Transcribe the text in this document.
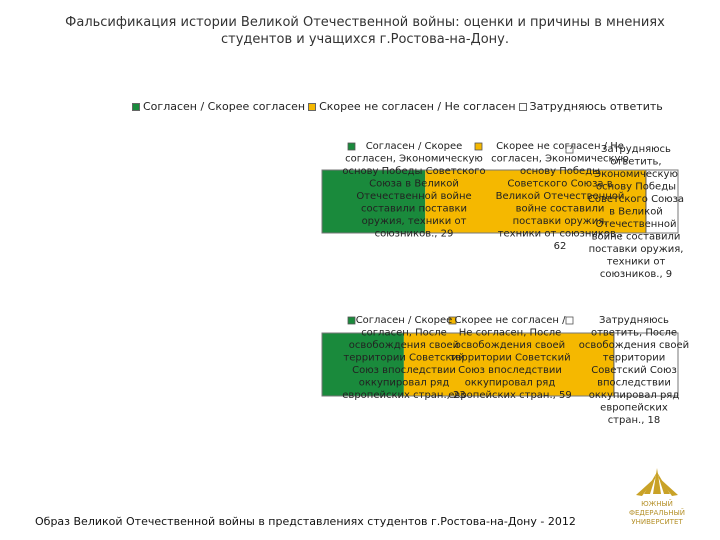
Фальсификация истории Великой Отечественной войны: оценки и причины в мнениях студентов и учащихся г.Ростова-на-Дону.
Согласен / Скорее согласен Скорее не согласен / Не согласен Затрудняюсь ответить
Согласен / Скорее согласен, Экономическую основу Победы Советского Союза в Великой Отечественной войне составили поставки оружия, техники от союзников., 29
Скорее не согласен / Не согласен, Экономическую основу Победы Советского Союза в Великой Отечественной войне составили поставки оружия, техники от союзников., 62
Затрудняюсь ответить, Экономическую основу Победы Советского Союза в Великой Отечественной войне составили поставки оружия, техники от союзников., 9
Согласен / Скорее согласен, После освобождения своей территории Советский Союз впоследствии оккупировал ряд европейских стран., 23
Скорее не согласен / Не согласен, После освобождения своей территории Советский Союз впоследствии оккупировал ряд европейских стран., 59
Затрудняюсь ответить, После освобождения своей территории Советский Союз впоследствии оккупировал ряд европейских стран., 18
ЮЖНЫЙ
ФЕДЕРАЛЬНЫЙ
УНИВЕРСИТЕТ
Образ Великой Отечественной войны в представлениях студентов г.Ростова-на-Дону - 2012
